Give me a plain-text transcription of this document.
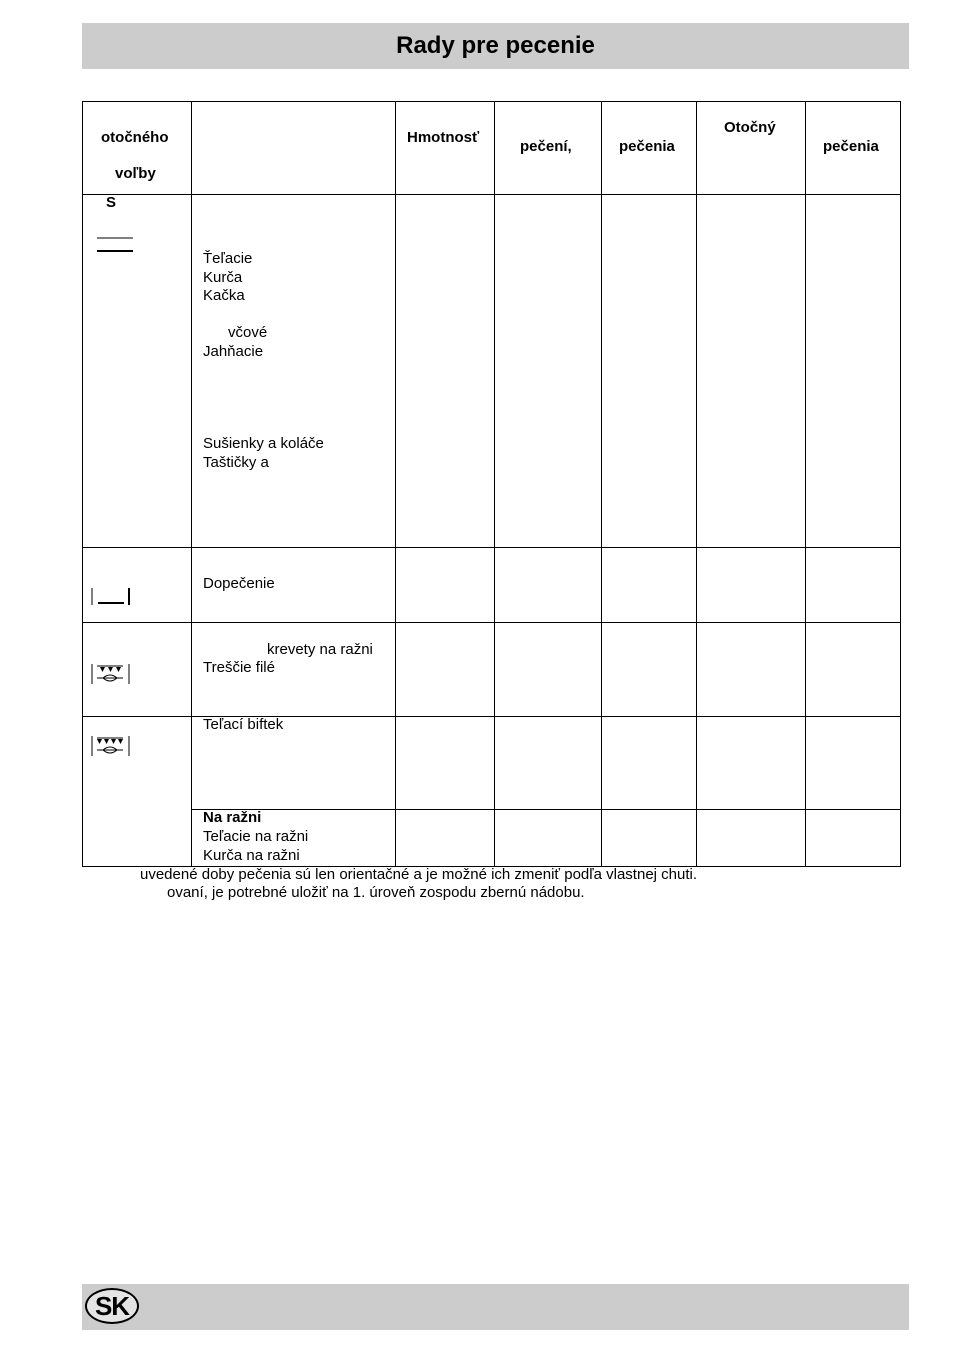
Rady pre pecenie
otočného
voľby
Hmotnosť
pečení,	pečenia
Otočný
pečenia
S
Ťeľacie
Kurča
Kačka
včové
Jahňacie
Sušienky a koláče
Taštičky a
Dopečenie
krevety na ražni
Treščie filé
Teľací biftek
Na ražni
Teľacie na ražni
Kurča na ražni
uvedené doby pečenia sú len orientačné a je možné ich zmeniť podľa vlastnej chuti.
ovaní, je potrebné uložiť na 1. úroveň zospodu zbernú nádobu.
SK
